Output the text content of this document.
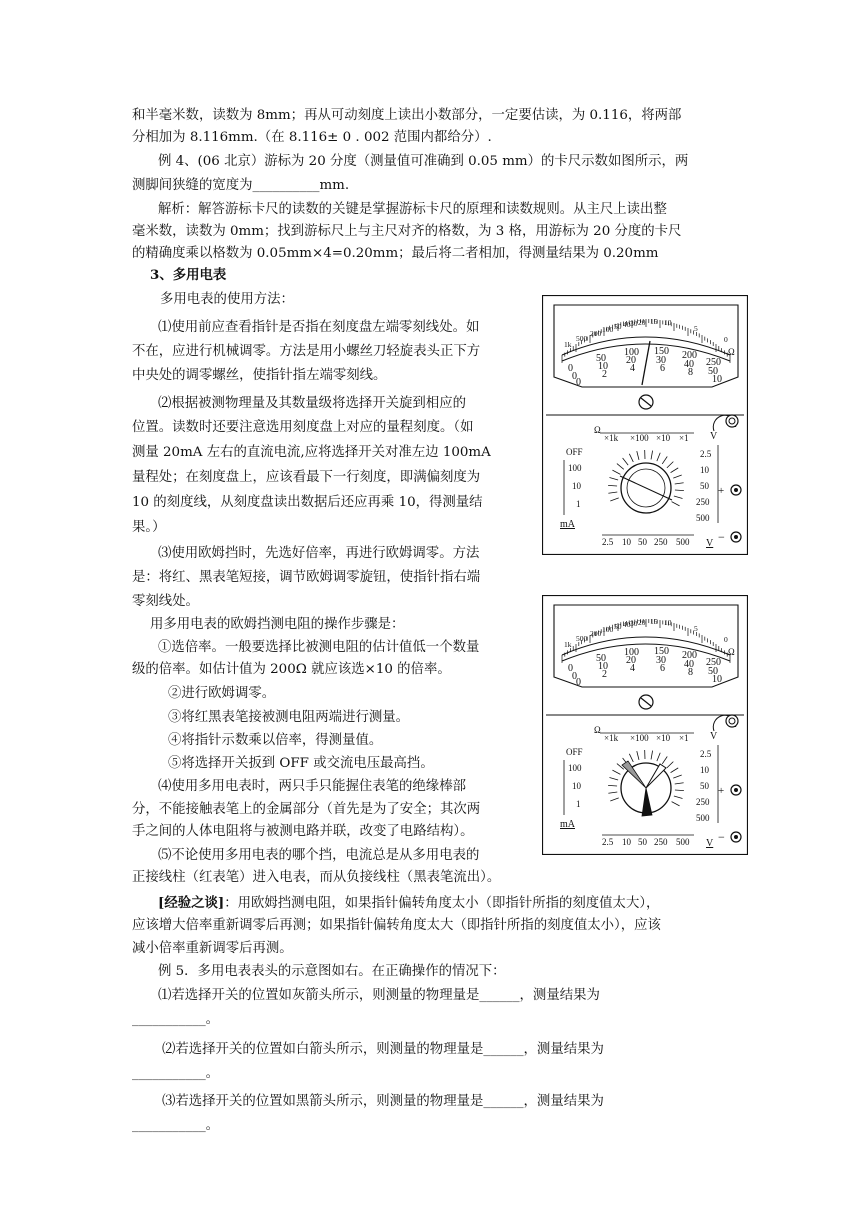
和半毫米数，读数为 8mm；再从可动刻度上读出小数部分，一定要估读，为 0.116，将两部
分相加为 8.116mm.（在 8.116± 0 . 002 范围内都给分）.
例 4、(06 北京）游标为 20 分度（测量值可准确到 0.05 mm）的卡尺示数如图所示，两
测脚间狭缝的宽度为__________mm.
解析：解答游标卡尺的读数的关键是掌握游标卡尺的原理和读数规则。从主尺上读出整
毫米数，读数为 0mm；找到游标尺上与主尺对齐的格数，为 3 格，用游标为 20 分度的卡尺
的精确度乘以格数为 0.05mm×4=0.20mm；最后将二者相加，得测量结果为 0.20mm
3、多用电表
多用电表的使用方法：
⑴使用前应查看指针是否指在刻度盘左端零刻线处。如
不在，应进行机械调零。方法是用小螺丝刀轻旋表头正下方
中央处的调零螺丝，使指针指左端零刻线。
⑵根据被测物理量及其数量级将选择开关旋到相应的
位置。读数时还要注意选用刻度盘上对应的量程刻度。（如
测量 20mA 左右的直流电流,应将选择开关对准左边 100mA
量程处；在刻度盘上，应该看最下一行刻度，即满偏刻度为
10 的刻度线，从刻度盘读出数据后还应再乘 10，得测量结
果。）
⑶使用欧姆挡时，先选好倍率，再进行欧姆调零。方法
是：将红、黑表笔短接，调节欧姆调零旋钮，使指针指右端
零刻线处。
用多用电表的欧姆挡测电阻的操作步骤是：
①选倍率。一般要选择比被测电阻的估计值低一个数量
级的倍率。如估计值为 200Ω 就应该选×10 的倍率。
②进行欧姆调零。
③将红黑表笔接被测电阻两端进行测量。
④将指针示数乘以倍率，得测量值。
⑤将选择开关扳到 OFF 或交流电压最高挡。
⑷使用多用电表时，两只手只能握住表笔的绝缘棒部
分，不能接触表笔上的金属部分（首先是为了安全；其次两
手之间的人体电阻将与被测电路并联，改变了电路结构）。
⑸不论使用多用电表的哪个挡，电流总是从多用电表的
正接线柱（红表笔）进入电表，而从负接线柱（黑表笔流出）。
[经验之谈]：用欧姆挡测电阻，如果指针偏转角度太小（即指针所指的刻度值太大），
应该增大倍率重新调零后再测；如果指针偏转角度太大（即指针所指的刻度值太小），应该
减小倍率重新调零后再测。
例 5．多用电表表头的示意图如右。在正确操作的情况下：
⑴若选择开关的位置如灰箭头所示，则测量的物理量是______，测量结果为
___________。
⑵若选择开关的位置如白箭头所示，则测量的物理量是______，测量结果为
___________。
⑶若选择开关的位置如黑箭头所示，则测量的物理量是______，测量结果为
___________。
1k
500
200 100 50 40 30 20 15 10
5
0
Ω
0
50
100 150 200
250
0
10
20 30 40
50
0
2
4	6 8
10
V
Ω
×1k ×100 ×10 ×1
OFF
100
10
1
mA
2.5
10
50
250
500
+
−
2.5 10 50 250 500 V
1k
500
200 100 50 40 30 20 15 10
5
0
Ω
0
50
100 150 200
250
0
10
20 30 40
50
0
2
4	6 8
10
V
Ω
×1k ×100 ×10 ×1
OFF
100
10
1
mA
2.5
10
50
250
500
+
−
2.5 10 50 250 500 V
